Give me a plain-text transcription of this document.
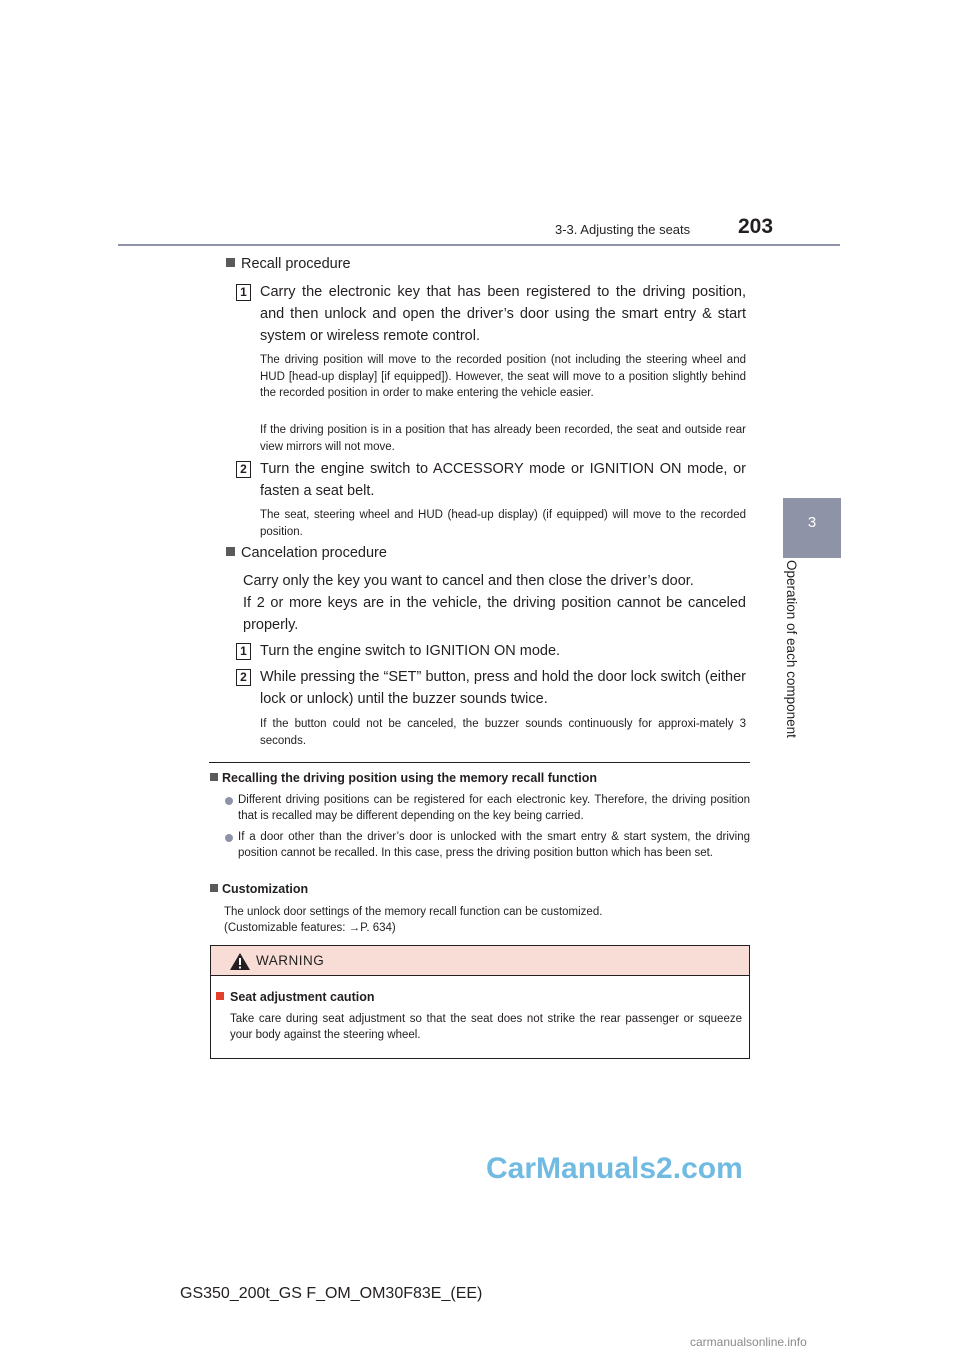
3-3. Adjusting the seats 203
3
Operation of each component
Recall procedure
1 Carry the electronic key that has been registered to the driving position, and then unlock and open the driver’s door using the smart entry & start system or wireless remote control.
The driving position will move to the recorded position (not including the steering wheel and HUD [head-up display] [if equipped]). However, the seat will move to a position slightly behind the recorded position in order to make entering the vehicle easier.
If the driving position is in a position that has already been recorded, the seat and outside rear view mirrors will not move.
2 Turn the engine switch to ACCESSORY mode or IGNITION ON mode, or fasten a seat belt.
The seat, steering wheel and HUD (head-up display) (if equipped) will move to the recorded position.
Cancelation procedure
Carry only the key you want to cancel and then close the driver’s door.
If 2 or more keys are in the vehicle, the driving position cannot be canceled properly.
1 Turn the engine switch to IGNITION ON mode.
2 While pressing the “SET” button, press and hold the door lock switch (either lock or unlock) until the buzzer sounds twice.
If the button could not be canceled, the buzzer sounds continuously for approxi-mately 3 seconds.
Recalling the driving position using the memory recall function
Different driving positions can be registered for each electronic key. Therefore, the driving position that is recalled may be different depending on the key being carried.
If a door other than the driver’s door is unlocked with the smart entry & start system, the driving position cannot be recalled. In this case, press the driving position button which has been set.
Customization
The unlock door settings of the memory recall function can be customized.
(Customizable features: →P. 634)
WARNING
Seat adjustment caution
Take care during seat adjustment so that the seat does not strike the rear passenger or squeeze your body against the steering wheel.
CarManuals2.com
GS350_200t_GS F_OM_OM30F83E_(EE)
carmanualsonline.info
